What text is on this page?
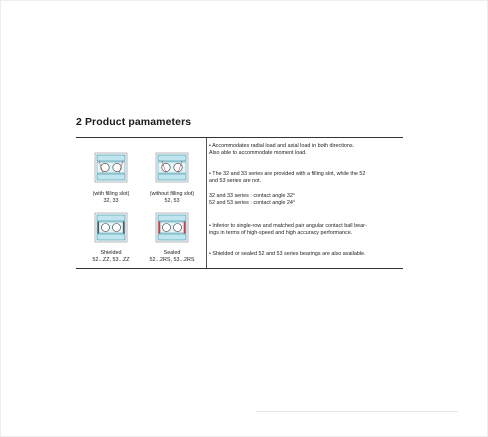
2 Product pamameters
(with filling slot)
32, 33
(without filling slot)
52, 53
Shielded
52...ZZ, 53...ZZ
Sealed
52...2RS, 53...2RS
• Accommodates radial load and axial load in both directions.
Also able to accommodate moment load.
• The 32 and 33 series are provided with a filling slot, while the 52
and 53 series are not.
32 and 33 series : contact angle 32°
52 and 53 series : contact angle 24°
• Inferior to single-row and matched pair angular contact ball bear-
ings in terms of high-speed and high accuracy performance.
• Shielded or sealed 52 and 53 series bearings are also available.
